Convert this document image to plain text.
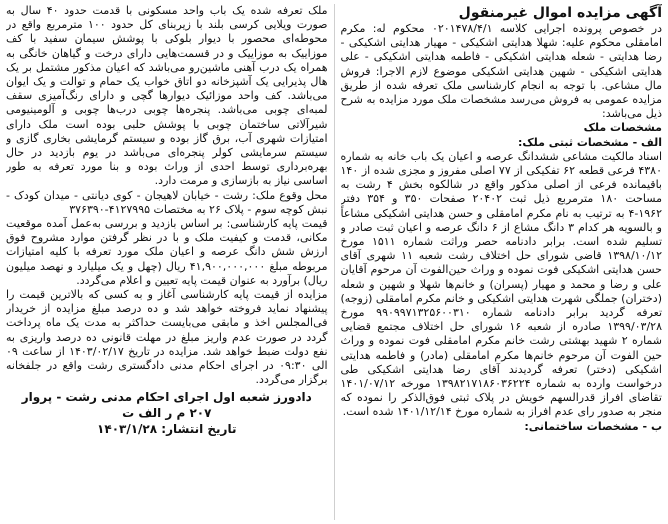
آگهی مزایده اموال غیرمنقول

در خصوص پرونده اجرایی کلاسه ۰۲۰۱۴۷۸/۴/۱ محکوم له: مکرم امامقلی محکوم علیه: شهلا هدایتی اشکیکی - مهیار هدایتی اشکیکی - رضا هدایتی - شعله هدایتی اشکیکی - فاطمه هدایتی اشکیکی - علی هدایتی اشکیکی - شهین هدایتی اشکیکی موضوع لازم الاجرا: فروش مال مشاعی. با توجه به انجام کارشناسی ملک تعرفه شده از طریق مزایده عمومی به فروش می‌رسد مشخصات ملک مورد مزایده به شرح ذیل می‌باشد:

مشخصات ملک

الف - مشخصات ثبتی ملک:

اسناد مالکیت مشاعی ششدانگ عرصه و اعیان یک باب خانه به شماره ۴۳۸۰ فرعی قطعه ۶۲ تفکیکی از ۷۷ اصلی مفروز و مجزی شده از ۱۴۰ باقیمانده فرعی از اصلی مذکور واقع در شالکوه بخش ۴ رشت به مساحت ۱۸۰ مترمربع ذیل ثبت ۲۰۴۰۲ صفحات ۳۵۰ و ۳۵۴ دفتر ۱۹۶۲-۴ به ترتیب به نام مکرم امامقلی و حسن هدایتی اشکیکی مشاعاً و بالسویه هر کدام ۳ دانگ مشاع از ۶ دانگ عرصه و اعیان ثبت صادر و تسلیم شده است. برابر دادنامه حصر وراثت شماره ۱۵۱۱ مورخ ۱۳۹۸/۱۰/۱۲ قاضی شورای حل اختلاف رشت شعبه ۱۱ شهری آقای حسن هدایتی اشکیکی فوت نموده و وراث حین‌الفوت آن مرحوم آقایان علی و رضا و محمد و مهیار (پسران) و خانم‌ها شهلا و شهین و شعله (دختران) جملگی شهرت هدایتی اشکیکی و خانم مکرم امامقلی (زوجه) تعرفه گردید برابر دادنامه شماره ۹۹۰۹۹۷۱۳۲۵۶۰۰۳۱۰ مورخ ۱۳۹۹/۰۳/۲۸ صادره از شعبه ۱۶ شورای حل اختلاف مجتمع قضایی شماره ۲ شهید بهشتی رشت خانم مکرم امامقلی فوت نموده و وراث حین الفوت آن مرحوم خانم‌ها مکرم امامقلی (مادر) و فاطمه هدایتی اشکیکی (دختر) تعرفه گردیدند آقای رضا هدایتی اشکیکی طی درخواست وارده به شماره ۱۳۹۸۲۱۷۱۸۶۰۳۶۲۲۴ مورخه ۱۴۰۱/۰۷/۱۲ تقاضای افراز قدرالسهم خویش در پلاک ثبتی فوق‌الذکر را نموده که منجر به صدور رای عدم افراز به شماره مورخ ۱۴۰۱/۱۲/۱۴ شده است.

ب - مشخصات ساختمانی:

ملک تعرفه شده یک باب واحد مسکونی با قدمت حدود ۴۰ سال به صورت ویلایی کرسی بلند با زیربنای کل حدود ۱۰۰ مترمربع واقع در محوطه‌ای محصور با دیوار بلوکی با پوشش سیمان سفید با کف موزاییک به موزاییک و در قسمت‌هایی دارای درخت و گیاهان خانگی به همراه یک درب آهنی ماشین‌رو می‌باشد که اعیان مذکور مشتمل بر یک هال پذیرایی یک آشپزخانه دو اتاق خواب یک حمام و توالت و یک ایوان می‌باشد. کف واحد موزائیک دیوارها گچی و دارای رنگ‌آمیزی سقف لمبه‌ای چوبی می‌باشد. پنجره‌ها چوبی درب‌ها چوبی و آلومینیومی شیرآلاتی ساختمان چوبی با پوشش حلبی بوده است ملک دارای امتیازات شهری آب، برق گاز بوده و سیستم گرمایشی بخاری گازی و سیستم سرمایشی کولر پنجره‌ای می‌باشد در یوم بازدید در حال بهره‌برداری توسط احدی از وراث بوده و بنا مورد تعرفه به طور اساسی نیاز به بازسازی و مرمت دارد.

محل وقوع ملک: رشت - خیابان لاهیجان - کوی دیانتی - میدان کودک - نبش کوچه سوم - پلاک ۲۶ به مختصات ۴۱۲۷۹۹۵-۳۷۶۳۹۰

قیمت پایه کارشناسی: بر اساس بازدید و بررسی به‌عمل آمده موقعیت مکانی، قدمت و کیفیت ملک و با در نظر گرفتن موارد مشروح فوق ارزش شش دانگ عرصه و اعیان ملک مورد تعرفه با کلیه امتیازات مربوطه مبلغ ۴۱,۹۰۰,۰۰۰,۰۰۰ ریال (چهل و یک میلیارد و نهصد میلیون ریال) برآورد به عنوان قیمت پایه تعیین و اعلام می‌گردد.

مزایده از قیمت پایه کارشناسی آغاز و به کسی که بالاترین قیمت را پیشنهاد نماید فروخته خواهد شد و ده درصد مبلغ مزایده از خریدار فی‌المجلس اخذ و مابقی می‌بایست حداکثر به مدت یک ماه پرداخت گردد در صورت عدم واریز مبلغ در مهلت قانونی ده درصد واریزی به نفع دولت ضبط خواهد شد. مزایده در تاریخ ۱۴۰۳/۰۲/۱۷ از ساعت ۰۹ الی ۰۹:۳۰ در اجرای احکام مدنی دادگستری رشت واقع در جلفخانه برگزار می‌گردد.

دادورز شعبه اول اجرای احکام مدنی رشت - پروار
۲۰۷ م ر الف ت
تاریخ انتشار: ۱۴۰۳/۱/۲۸
